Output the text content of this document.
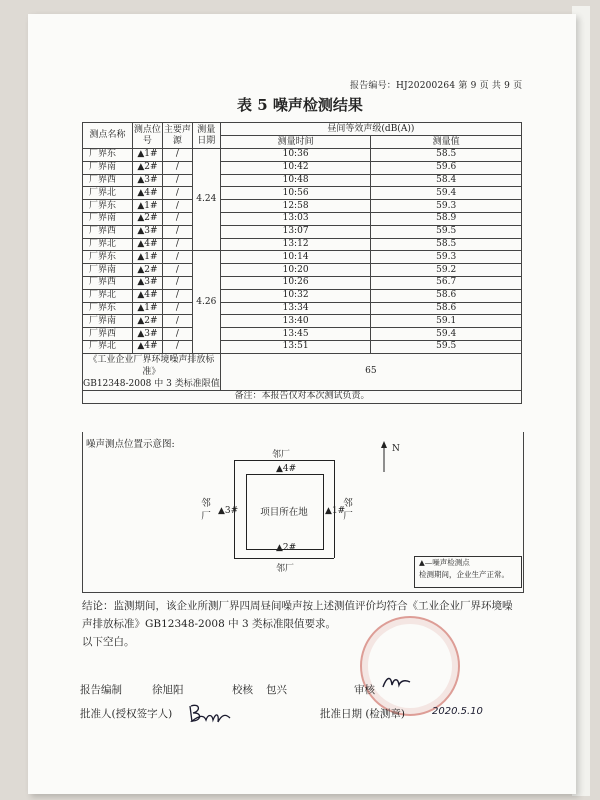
报告编号：HJ20200264 第 9 页 共 9 页
表 5 噪声检测结果
测点名称	测点位号	主要声源	测量日期	昼间等效声级(dB(A))	
				测量时间	测量值
厂界东	▲1#	/	4.24	10:36	58.5
厂界南	▲2#	/		10:42	59.6
厂界西	▲3#	/		10:48	58.4
厂界北	▲4#	/		10:56	59.4
厂界东	▲1#	/		12:58	59.3
厂界南	▲2#	/		13:03	58.9
厂界西	▲3#	/		13:07	59.5
厂界北	▲4#	/		13:12	58.5
厂界东	▲1#	/	4.26	10:14	59.3
厂界南	▲2#	/		10:20	59.2
厂界西	▲3#	/		10:26	56.7
厂界北	▲4#	/		10:32	58.6
厂界东	▲1#	/		13:34	58.6
厂界南	▲2#	/		13:40	59.1
厂界西	▲3#	/		13:45	59.4
厂界北	▲4#	/		13:51	59.5
《工业企业厂界环境噪声排放标准》
GB12348-2008 中 3 类标准限值				65	
备注：本报告仅对本次测试负责。					
噪声测点位置示意图:
项目所在地
邻厂
▲4#
▲2#
邻厂
▲3#	▲1#
邻厂
邻厂
N
▲—噪声检测点
检测期间，企业生产正常。
结论：监测期间，该企业所测厂界四周昼间噪声按上述测值评价均符合《工业企业厂界环境噪声排放标准》GB12348-2008 中 3 类标准限值要求。
以下空白。
报告编制	徐旭阳	校核 包兴	审核
批准人(授权签字人)	批准日期 (检测章)	2020.5.10
